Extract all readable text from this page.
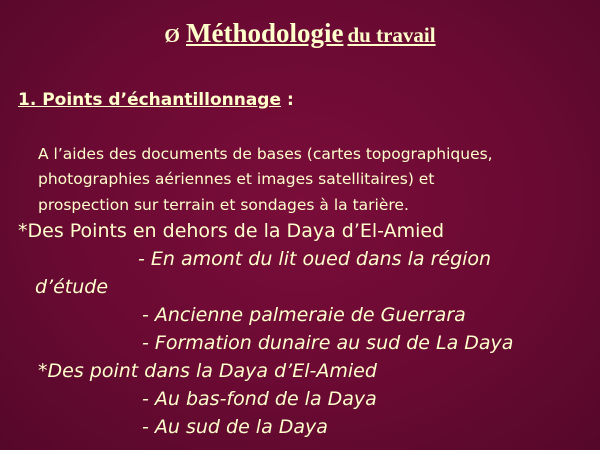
Ø Méthodologie du travail
1. Points d’échantillonnage :
A l’aides des documents de bases (cartes topographiques,
photographies aériennes et images satellitaires) et
prospection sur terrain et sondages à la tarière.
*Des Points en dehors de la Daya d’El-Amied
- En amont du lit oued dans la région
d’étude
- Ancienne palmeraie de Guerrara
- Formation dunaire au sud de La Daya
*Des point dans la Daya d’El-Amied
- Au bas-fond de la Daya
- Au sud de la Daya
